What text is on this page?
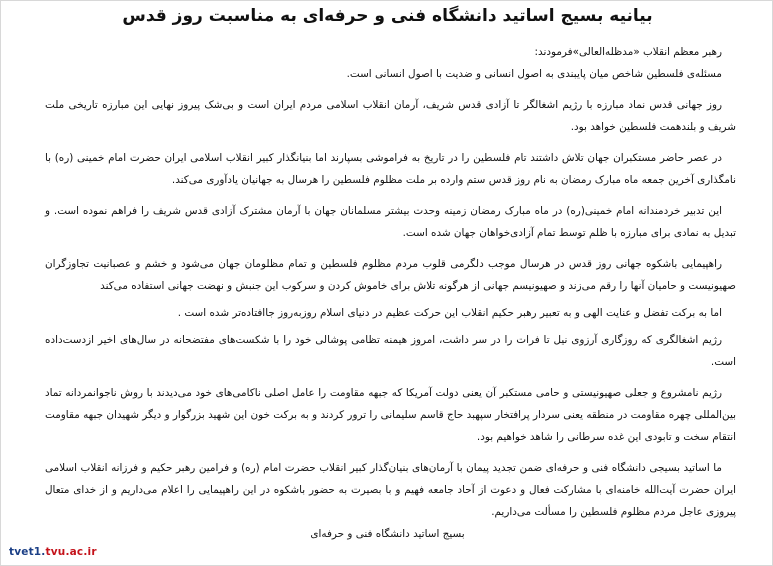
بیانیه بسیج اساتید دانشگاه فنی و حرفه‌ای به مناسبت روز قدس

رهبر معظم انقلاب «مدظله‌العالی»فرمودند:

مسئله‌ی فلسطین شاخص میان پایبندی به اصول انسانی و ضدیت با اصول انسانی است.

روز جهانی قدس نماد مبارزه با رژیم اشغالگر تا آزادی قدس شریف، آرمان انقلاب اسلامی مردم ایران است و بی‌شک پیروز نهایی این مبارزه تاریخی ملت شریف و بلندهمت فلسطین خواهد بود.

در عصر حاضر مستکبران جهان تلاش داشتند تام فلسطین را در تاریخ به فراموشی بسپارند اما بنیانگذار کبیر انقلاب اسلامی ایران حضرت امام خمینی (ره) با نامگذاری آخرین جمعه ماه مبارک رمضان به نام روز قدس ستم وارده بر ملت مظلوم فلسطین را هرسال به جهانیان یادآوری می‌کند.

این تدبیر خردمندانه امام خمینی(ره) در ماه مبارک رمضان زمینه وحدت بیشتر مسلمانان جهان با آرمان مشترک آزادی قدس شریف را فراهم نموده است. و تبدیل به نمادی برای مبارزه با ظلم توسط تمام آزادی‌خواهان جهان شده است.

راهپیمایی باشکوه جهانی روز قدس در هرسال موجب دلگرمی قلوب مردم مظلوم فلسطین و تمام مظلومان جهان می‌شود و خشم و عصبانیت تجاوزگران صهیونیست و حامیان آنها را رقم می‌زند و صهیونیسم جهانی از هرگونه تلاش برای خاموش کردن و سرکوب این جنبش و نهضت جهانی استفاده می‌کند

اما به برکت تفضل و عنایت الهی و به تعبیر رهبر حکیم انقلاب این حرکت عظیم در دنیای اسلام روزبه‌روز جاافتاده‌تر شده است .

رژیم اشغالگری که روزگاری آرزوی نیل تا فرات را در سر داشت، امروز هیمنه تظامی پوشالی خود را با شکست‌های مفتضحانه در سال‌های اخیر ازدست‌داده است.

رژیم نامشروع و جعلی صهیونیستی و حامی مستکبر آن یعنی دولت آمریکا که جبهه مقاومت را عامل اصلی ناکامی‌های خود می‌دیدند با روش ناجوانمردانه تماد بین‌المللی چهره مقاومت در منطقه یعنی سردار پرافتخار سپهبد حاج قاسم سلیمانی را ترور کردند و به برکت خون این شهید بزرگوار و دیگر شهیدان جبهه مقاومت انتقام سخت و تابودی این غده سرطانی را شاهد خواهیم بود.

ما اساتید بسیجی دانشگاه فنی و حرفه‌ای ضمن تجدید پیمان با آرمان‌های بنیان‌گذار کبیر انقلاب حضرت امام (ره) و فرامین رهبر حکیم و فرزانه انقلاب اسلامی ایران حضرت آیت‌الله خامنه‌ای با مشارکت فعال و دعوت از آحاد جامعه فهیم و با بصیرت به حضور باشکوه در این راهپیمایی را اعلام می‌داریم و از خدای متعال پیروزی عاجل مردم مظلوم فلسطین را مسألت می‌داریم.

بسیج اساتید دانشگاه فنی و حرفه‌ای
tvet1.tvu.ac.ir
